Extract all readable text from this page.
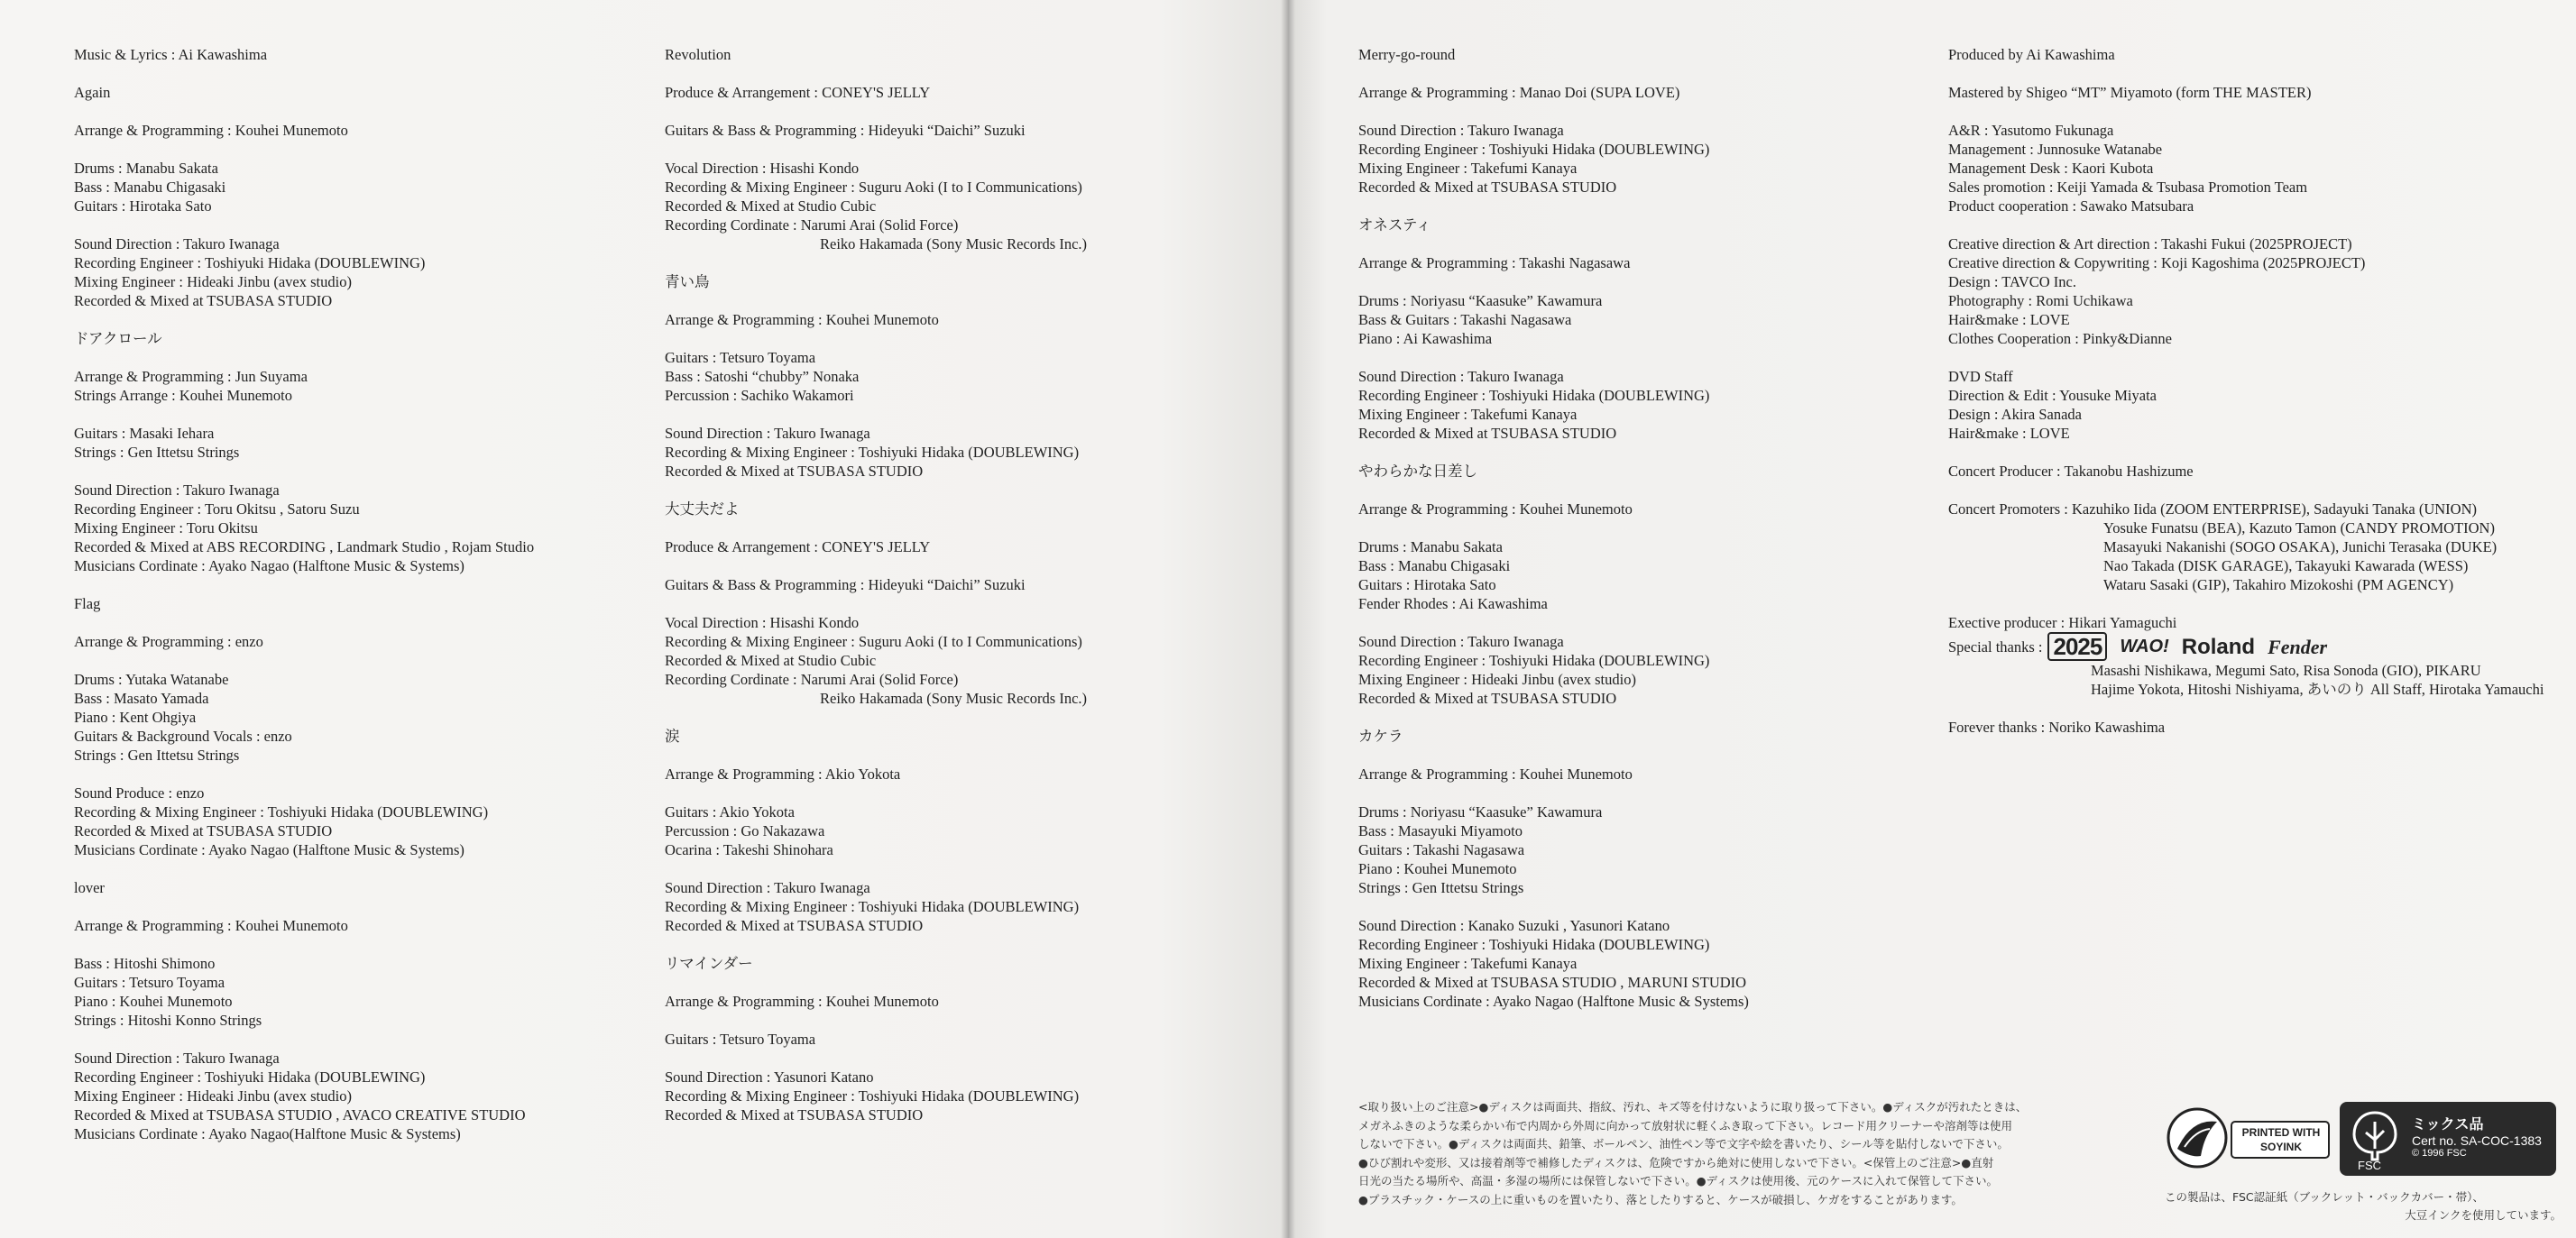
Music & Lyrics : Ai Kawashima
Again
Arrange & Programming : Kouhei Munemoto
Drums : Manabu Sakata
Bass : Manabu Chigasaki
Guitars : Hirotaka Sato
Sound Direction : Takuro Iwanaga
Recording Engineer : Toshiyuki Hidaka (DOUBLEWING)
Mixing Engineer : Hideaki Jinbu (avex studio)
Recorded & Mixed at TSUBASA STUDIO
ドアクロール
Arrange & Programming : Jun Suyama
Strings Arrange : Kouhei Munemoto
Guitars : Masaki Iehara
Strings : Gen Ittetsu Strings
Sound Direction : Takuro Iwanaga
Recording Engineer : Toru Okitsu , Satoru Suzu
Mixing Engineer : Toru Okitsu
Recorded & Mixed at ABS RECORDING , Landmark Studio , Rojam Studio
Musicians Cordinate : Ayako Nagao (Halftone Music & Systems)
Flag
Arrange & Programming : enzo
Drums : Yutaka Watanabe
Bass : Masato Yamada
Piano : Kent Ohgiya
Guitars & Background Vocals : enzo
Strings : Gen Ittetsu Strings
Sound Produce : enzo
Recording & Mixing Engineer : Toshiyuki Hidaka (DOUBLEWING)
Recorded & Mixed at TSUBASA STUDIO
Musicians Cordinate : Ayako Nagao (Halftone Music & Systems)
lover
Arrange & Programming : Kouhei Munemoto
Bass : Hitoshi Shimono
Guitars : Tetsuro Toyama
Piano : Kouhei Munemoto
Strings : Hitoshi Konno Strings
Sound Direction : Takuro Iwanaga
Recording Engineer : Toshiyuki Hidaka (DOUBLEWING)
Mixing Engineer : Hideaki Jinbu (avex studio)
Recorded & Mixed at TSUBASA STUDIO , AVACO CREATIVE STUDIO
Musicians Cordinate : Ayako Nagao(Halftone Music & Systems)
Revolution
Produce & Arrangement : CONEY'S JELLY
Guitars & Bass & Programming : Hideyuki “Daichi” Suzuki
Vocal Direction : Hisashi Kondo
Recording & Mixing Engineer : Suguru Aoki (I to I Communications)
Recorded & Mixed at Studio Cubic
Recording Cordinate : Narumi Arai (Solid Force)
Reiko Hakamada (Sony Music Records Inc.)
青い鳥
Arrange & Programming : Kouhei Munemoto
Guitars : Tetsuro Toyama
Bass : Satoshi “chubby” Nonaka
Percussion : Sachiko Wakamori
Sound Direction : Takuro Iwanaga
Recording & Mixing Engineer : Toshiyuki Hidaka (DOUBLEWING)
Recorded & Mixed at TSUBASA STUDIO
大丈夫だよ
Produce & Arrangement : CONEY'S JELLY
Guitars & Bass & Programming : Hideyuki “Daichi” Suzuki
Vocal Direction : Hisashi Kondo
Recording & Mixing Engineer : Suguru Aoki (I to I Communications)
Recorded & Mixed at Studio Cubic
Recording Cordinate : Narumi Arai (Solid Force)
Reiko Hakamada (Sony Music Records Inc.)
涙
Arrange & Programming : Akio Yokota
Guitars : Akio Yokota
Percussion : Go Nakazawa
Ocarina : Takeshi Shinohara
Sound Direction : Takuro Iwanaga
Recording & Mixing Engineer : Toshiyuki Hidaka (DOUBLEWING)
Recorded & Mixed at TSUBASA STUDIO
リマインダー
Arrange & Programming : Kouhei Munemoto
Guitars : Tetsuro Toyama
Sound Direction : Yasunori Katano
Recording & Mixing Engineer : Toshiyuki Hidaka (DOUBLEWING)
Recorded & Mixed at TSUBASA STUDIO
Merry-go-round
Arrange & Programming : Manao Doi (SUPA LOVE)
Sound Direction : Takuro Iwanaga
Recording Engineer : Toshiyuki Hidaka (DOUBLEWING)
Mixing Engineer : Takefumi Kanaya
Recorded & Mixed at TSUBASA STUDIO
オネスティ
Arrange & Programming : Takashi Nagasawa
Drums : Noriyasu “Kaasuke” Kawamura
Bass & Guitars : Takashi Nagasawa
Piano : Ai Kawashima
Sound Direction : Takuro Iwanaga
Recording Engineer : Toshiyuki Hidaka (DOUBLEWING)
Mixing Engineer : Takefumi Kanaya
Recorded & Mixed at TSUBASA STUDIO
やわらかな日差し
Arrange & Programming : Kouhei Munemoto
Drums : Manabu Sakata
Bass : Manabu Chigasaki
Guitars : Hirotaka Sato
Fender Rhodes : Ai Kawashima
Sound Direction : Takuro Iwanaga
Recording Engineer : Toshiyuki Hidaka (DOUBLEWING)
Mixing Engineer : Hideaki Jinbu (avex studio)
Recorded & Mixed at TSUBASA STUDIO
カケラ
Arrange & Programming : Kouhei Munemoto
Drums : Noriyasu “Kaasuke” Kawamura
Bass : Masayuki Miyamoto
Guitars : Takashi Nagasawa
Piano : Kouhei Munemoto
Strings : Gen Ittetsu Strings
Sound Direction : Kanako Suzuki , Yasunori Katano
Recording Engineer : Toshiyuki Hidaka (DOUBLEWING)
Mixing Engineer : Takefumi Kanaya
Recorded & Mixed at TSUBASA STUDIO , MARUNI STUDIO
Musicians Cordinate : Ayako Nagao (Halftone Music & Systems)
Produced by Ai Kawashima
Mastered by Shigeo “MT” Miyamoto (form THE MASTER)
A&R : Yasutomo Fukunaga
Management : Junnosuke Watanabe
Management Desk : Kaori Kubota
Sales promotion : Keiji Yamada & Tsubasa Promotion Team
Product cooperation : Sawako Matsubara
Creative direction & Art direction : Takashi Fukui (2025PROJECT)
Creative direction & Copywriting : Koji Kagoshima (2025PROJECT)
Design : TAVCO Inc.
Photography : Romi Uchikawa
Hair&make : LOVE
Clothes Cooperation : Pinky&Dianne
DVD Staff
Direction & Edit : Yousuke Miyata
Design : Akira Sanada
Hair&make : LOVE
Concert Producer : Takanobu Hashizume
Concert Promoters : Kazuhiko Iida (ZOOM ENTERPRISE), Sadayuki Tanaka (UNION)
Yosuke Funatsu (BEA), Kazuto Tamon (CANDY PROMOTION)
Masayuki Nakanishi (SOGO OSAKA), Junichi Terasaka (DUKE)
Nao Takada (DISK GARAGE), Takayuki Kawarada (WESS)
Wataru Sasaki (GIP), Takahiro Mizokoshi (PM AGENCY)
Exective producer : Hikari Yamaguchi
Special thanks : 2025	WAO! Roland Fender
Masashi Nishikawa, Megumi Sato, Risa Sonoda (GIO), PIKARU
Hajime Yokota, Hitoshi Nishiyama, あいのり All Staff, Hirotaka Yamauchi
Forever thanks : Noriko Kawashima
<取り扱い上のご注意>●ディスクは両面共、指紋、汚れ、キズ等を付けないように取り扱って下さい。●ディスクが汚れたときは、
メガネふきのような柔らかい布で内周から外周に向かって放射状に軽くふき取って下さい。レコード用クリーナーや溶剤等は使用
しないで下さい。●ディスクは両面共、鉛筆、ボールペン、油性ペン等で文字や絵を書いたり、シール等を貼付しないで下さい。
●ひび割れや変形、又は接着剤等で補修したディスクは、危険ですから絶対に使用しないで下さい。<保管上のご注意>●直射
日光の当たる場所や、高温・多湿の場所には保管しないで下さい。●ディスクは使用後、元のケースに入れて保管して下さい。
●プラスチック・ケースの上に重いものを置いたり、落としたりすると、ケースが破損し、ケガをすることがあります。
PRINTED WITH SOYINK
ミックス品
Cert no. SA-COC-1383
© 1996 FSC
FSC
この製品は、FSC認証紙（ブックレット・バックカバー・帯）、
大豆インクを使用しています。
